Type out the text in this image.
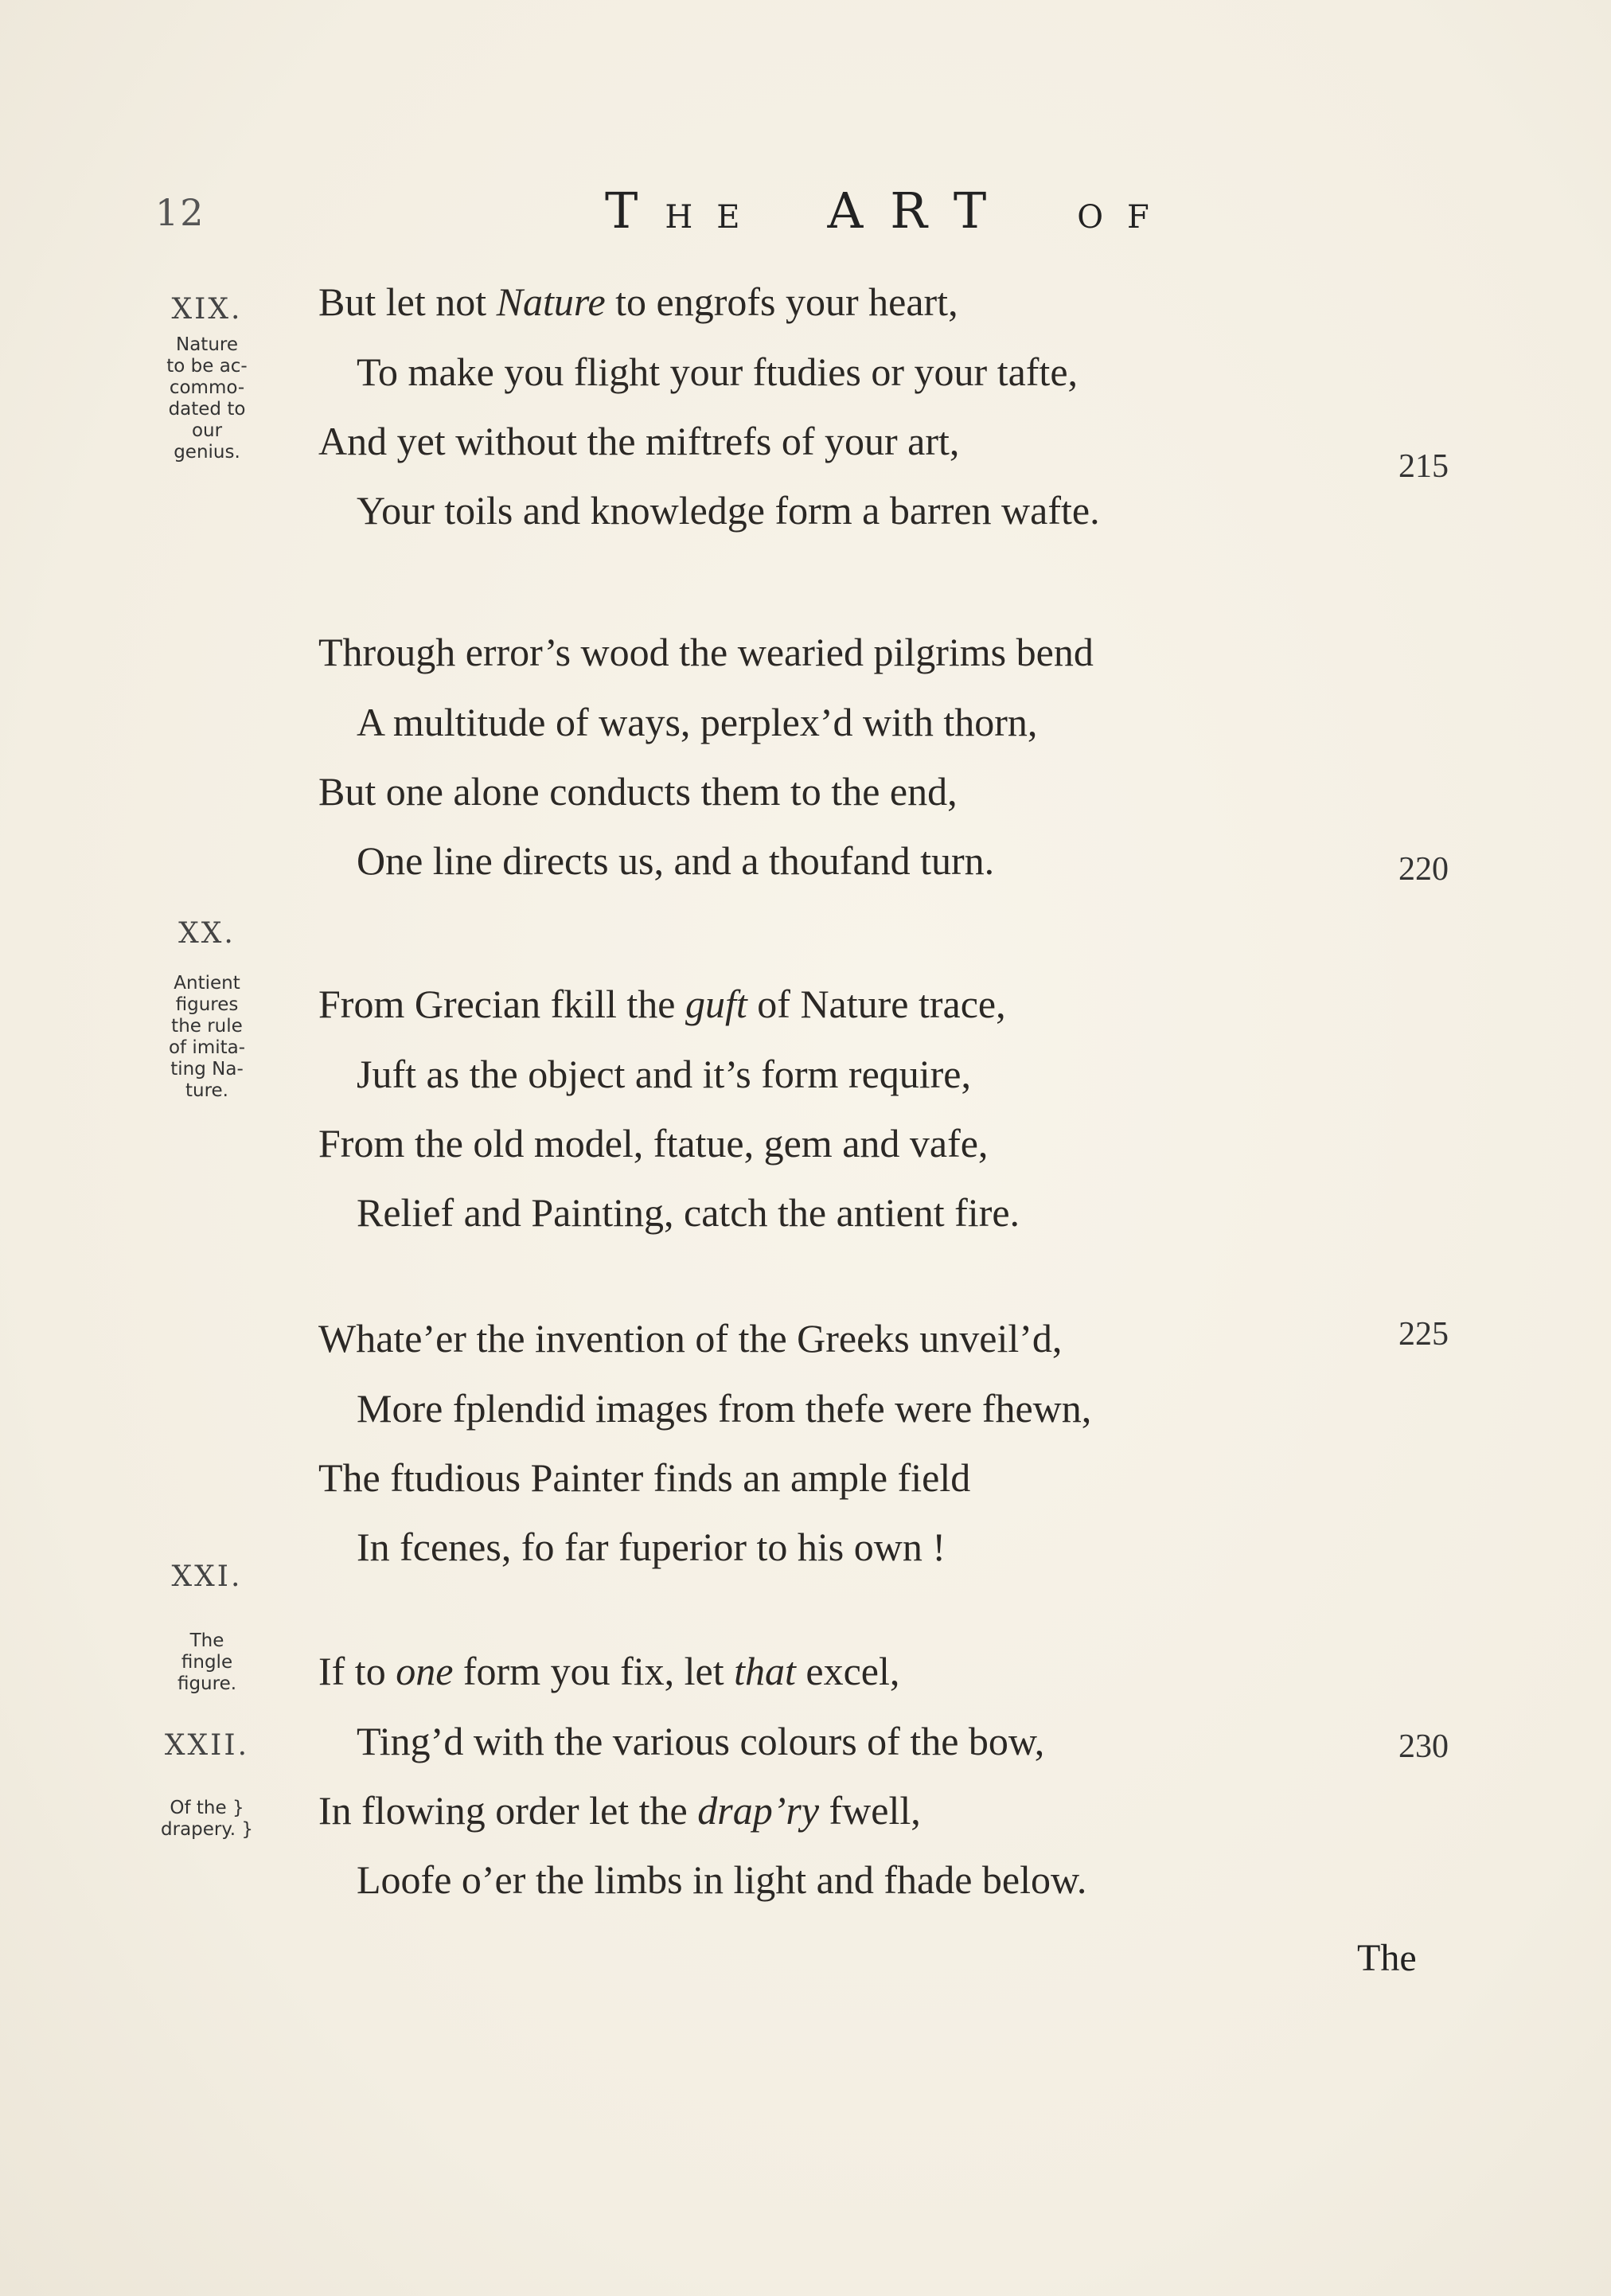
12	THE ART OF
XIX.
XX.
XXI.
XXII.
Nature
to be ac-
commo-
dated to
our
genius.
Antient
figures
the rule
of imita-
ting Na-
ture.
The
fingle
figure.
Of the }
drapery. }
But let not Nature to engrofs your heart,
To make you flight your ftudies or your tafte,
And yet without the miftrefs of your art,
Your toils and knowledge form a barren wafte.
Through error’s wood the wearied pilgrims bend
A multitude of ways, perplex’d with thorn,
But one alone conducts them to the end,
One line directs us, and a thoufand turn.
From Grecian fkill the guft of Nature trace,
Juft as the object and it’s form require,
From the old model, ftatue, gem and vafe,
Relief and Painting, catch the antient fire.
Whate’er the invention of the Greeks unveil’d,
More fplendid images from thefe were fhewn,
The ftudious Painter finds an ample field
In fcenes, fo far fuperior to his own !
If to one form you fix, let that excel,
Ting’d with the various colours of the bow,
In flowing order let the drap’ry fwell,
Loofe o’er the limbs in light and fhade below.
215
220
225
230
The
